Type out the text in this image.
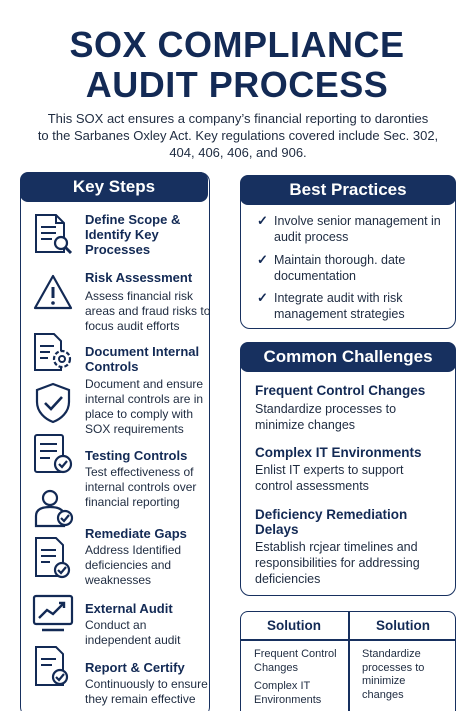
SOX COMPLIANCE
AUDIT PROCESS
This SOX act ensures a company’s financial reporting to daronties
to the Sarbanes Oxley Act. Key regulations covered include Sec. 302,
404, 406, 406, and 906.
Key Steps
Define Scope & Identify Key Processes
Risk Assessment
Assess financial risk areas and fraud risks to focus audit efforts
Document Internal Controls
Document and ensure internal controls are in place to comply with SOX requirements
Testing Controls
Test effectiveness of internal controls over financial reporting
Remediate Gaps
Address Identified deficiencies and weaknesses
External Audit
Conduct an independent audit
Report & Certify
Continuously to ensure they remain effective
Best Practices
✓ Involve senior management in audit process
✓ Maintain thorough. date documentation
✓ Integrate audit with risk management strategies
Common Challenges
Frequent Control Changes
Standardize processes to minimize changes
Complex IT Environments
Enlist IT experts to support control assessments
Deficiency Remediation Delays
Establish rcjear timelines and responsibilities for addressing deficiencies
Solution	Solution
Frequent Control Changes
Complex IT Environments
Standardize processes to minimize changes
